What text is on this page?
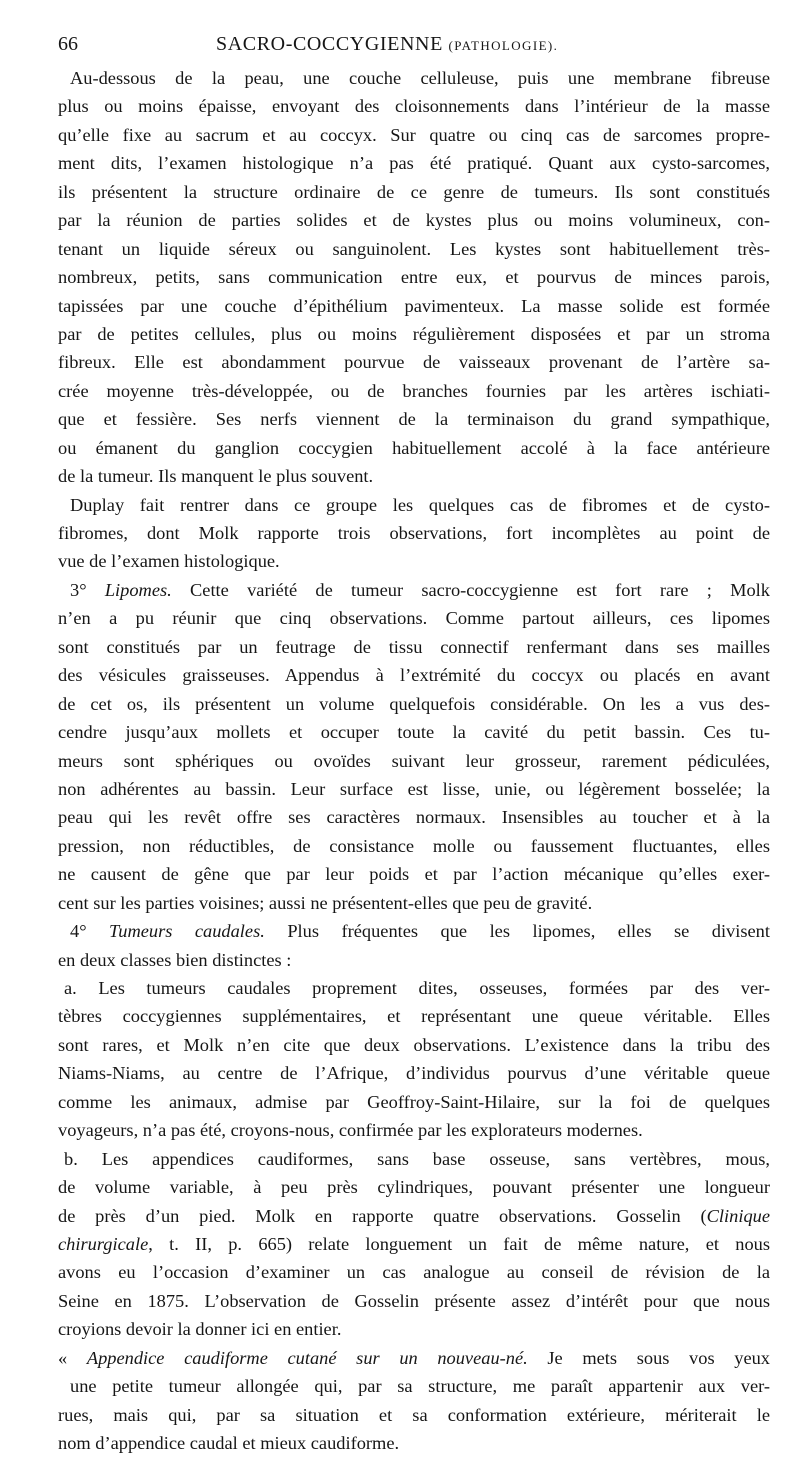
66	SACRO-COCCYGIENNE (PATHOLOGIE).
Au-dessous de la peau, une couche celluleuse, puis une membrane fibreuse
plus ou moins épaisse, envoyant des cloisonnements dans l’intérieur de la masse
qu’elle fixe au sacrum et au coccyx. Sur quatre ou cinq cas de sarcomes propre-
ment dits, l’examen histologique n’a pas été pratiqué. Quant aux cysto-sarcomes,
ils présentent la structure ordinaire de ce genre de tumeurs. Ils sont constitués
par la réunion de parties solides et de kystes plus ou moins volumineux, con-
tenant un liquide séreux ou sanguinolent. Les kystes sont habituellement très-
nombreux, petits, sans communication entre eux, et pourvus de minces parois,
tapissées par une couche d’épithélium pavimenteux. La masse solide est formée
par de petites cellules, plus ou moins régulièrement disposées et par un stroma
fibreux. Elle est abondamment pourvue de vaisseaux provenant de l’artère sa-
crée moyenne très-développée, ou de branches fournies par les artères ischiati-
que et fessière. Ses nerfs viennent de la terminaison du grand sympathique,
ou émanent du ganglion coccygien habituellement accolé à la face antérieure
de la tumeur. Ils manquent le plus souvent.
Duplay fait rentrer dans ce groupe les quelques cas de fibromes et de cysto-
fibromes, dont Molk rapporte trois observations, fort incomplètes au point de
vue de l’examen histologique.
3° Lipomes. Cette variété de tumeur sacro-coccygienne est fort rare ; Molk
n’en a pu réunir que cinq observations. Comme partout ailleurs, ces lipomes
sont constitués par un feutrage de tissu connectif renfermant dans ses mailles
des vésicules graisseuses. Appendus à l’extrémité du coccyx ou placés en avant
de cet os, ils présentent un volume quelquefois considérable. On les a vus des-
cendre jusqu’aux mollets et occuper toute la cavité du petit bassin. Ces tu-
meurs sont sphériques ou ovoïdes suivant leur grosseur, rarement pédiculées,
non adhérentes au bassin. Leur surface est lisse, unie, ou légèrement bosselée; la
peau qui les revêt offre ses caractères normaux. Insensibles au toucher et à la
pression, non réductibles, de consistance molle ou faussement fluctuantes, elles
ne causent de gêne que par leur poids et par l’action mécanique qu’elles exer-
cent sur les parties voisines; aussi ne présentent-elles que peu de gravité.
4° Tumeurs caudales. Plus fréquentes que les lipomes, elles se divisent
en deux classes bien distinctes :
a. Les tumeurs caudales proprement dites, osseuses, formées par des ver-
tèbres coccygiennes supplémentaires, et représentant une queue véritable. Elles
sont rares, et Molk n’en cite que deux observations. L’existence dans la tribu des
Niams-Niams, au centre de l’Afrique, d’individus pourvus d’une véritable queue
comme les animaux, admise par Geoffroy-Saint-Hilaire, sur la foi de quelques
voyageurs, n’a pas été, croyons-nous, confirmée par les explorateurs modernes.
b. Les appendices caudiformes, sans base osseuse, sans vertèbres, mous,
de volume variable, à peu près cylindriques, pouvant présenter une longueur
de près d’un pied. Molk en rapporte quatre observations. Gosselin (Clinique
chirurgicale, t. II, p. 665) relate longuement un fait de même nature, et nous
avons eu l’occasion d’examiner un cas analogue au conseil de révision de la
Seine en 1875. L’observation de Gosselin présente assez d’intérêt pour que nous
croyions devoir la donner ici en entier.
« Appendice caudiforme cutané sur un nouveau-né. Je mets sous vos yeux
une petite tumeur allongée qui, par sa structure, me paraît appartenir aux ver-
rues, mais qui, par sa situation et sa conformation extérieure, mériterait le
nom d’appendice caudal et mieux caudiforme.
